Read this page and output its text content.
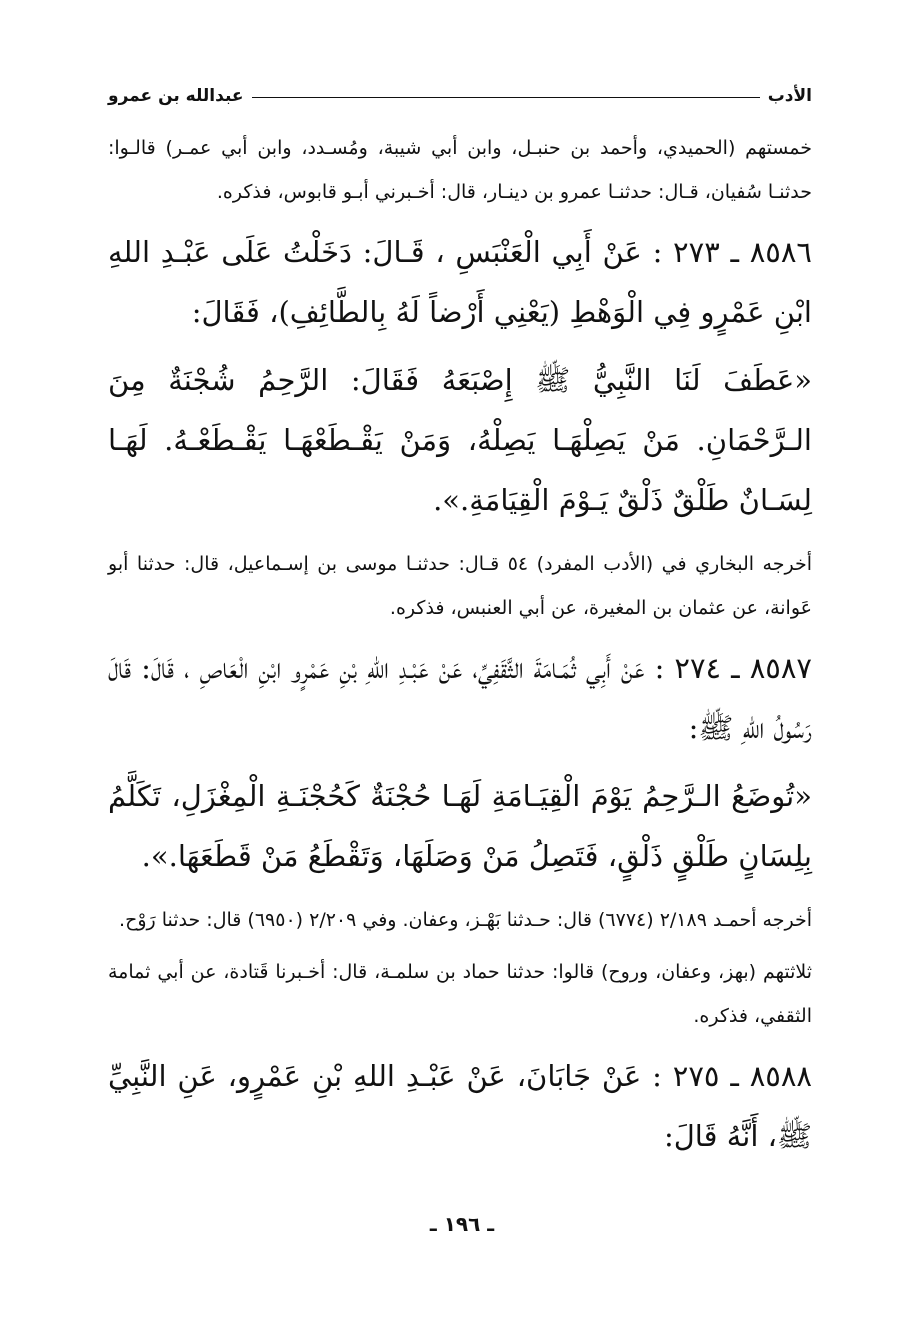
الأدب
عبدالله بن عمرو

خمستهم (الحميدي، وأحمد بن حنبـل، وابن أبي شيبة، ومُسـدد، وابن أبي عمـر) قالـوا: حدثنـا سُفيان، قـال: حدثنـا عمرو بن دينـار، قال: أخـبرني أبـو قابوس، فذكره.

٨٥٨٦ ـ ٢٧٣ : عَنْ أَبِي الْعَنْبَسِ ، قَـالَ: دَخَلْتُ عَلَى عَبْـدِ اللهِ ابْنِ عَمْرٍو فِي الْوَهْطِ (يَعْنِي أَرْضاً لَهُ بِالطَّائِفِ)، فَقَالَ:

«عَطَفَ لَنَا النَّبِيُّ ﷺ إِصْبَعَهُ فَقَالَ: الرَّحِمُ شُجْنَةٌ مِنَ الـرَّحْمَانِ. مَنْ يَصِلْهَـا يَصِلْهُ، وَمَنْ يَقْـطَعْهَـا يَقْـطَعْـهُ. لَهَـا لِسَـانٌ طَلْقٌ ذَلْقٌ يَـوْمَ الْقِيَامَةِ.».

أخرجه البخاري في (الأدب المفرد) ٥٤ قـال: حدثنـا موسى بن إسـماعيل، قال: حدثنا أبو عَوانة، عن عثمان بن المغيرة، عن أبي العنبس، فذكره.

٨٥٨٧ ـ ٢٧٤ : عَنْ أَبِي ثُمَـامَةَ الثَّقَفِيِّ، عَنْ عَبْـدِ اللهِ بْنِ عَمْرٍو ابْنِ الْعَاصِ ، قَالَ: قَالَ رَسُولُ اللهِ ﷺ:

«تُوضَعُ الـرَّحِمُ يَوْمَ الْقِيَـامَةِ لَهَـا حُجْنَةٌ كَحُجْنَـةِ الْمِغْزَلِ، تَكَلَّمُ بِلِسَانٍ طَلْقٍ ذَلْقٍ، فَتَصِلُ مَنْ وَصَلَهَا، وَتَقْطَعُ مَنْ قَطَعَهَا.».

أخرجه أحمـد ٢/١٨٩ (٦٧٧٤) قال: حـدثنا بَهْـز، وعفان. وفي ٢/٢٠٩ (٦٩٥٠) قال: حدثنا رَوْح.

ثلاثتهم (بهز، وعفان، وروح) قالوا: حدثنا حماد بن سلمـة، قال: أخـبرنا قَتادة، عن أبي ثمامة الثقفي، فذكره.

٨٥٨٨ ـ ٢٧٥ : عَنْ جَابَانَ، عَنْ عَبْـدِ اللهِ بْنِ عَمْرٍو، عَنِ النَّبِيِّ ﷺ، أَنَّهُ قَالَ:

ـ ١٩٦ ـ
